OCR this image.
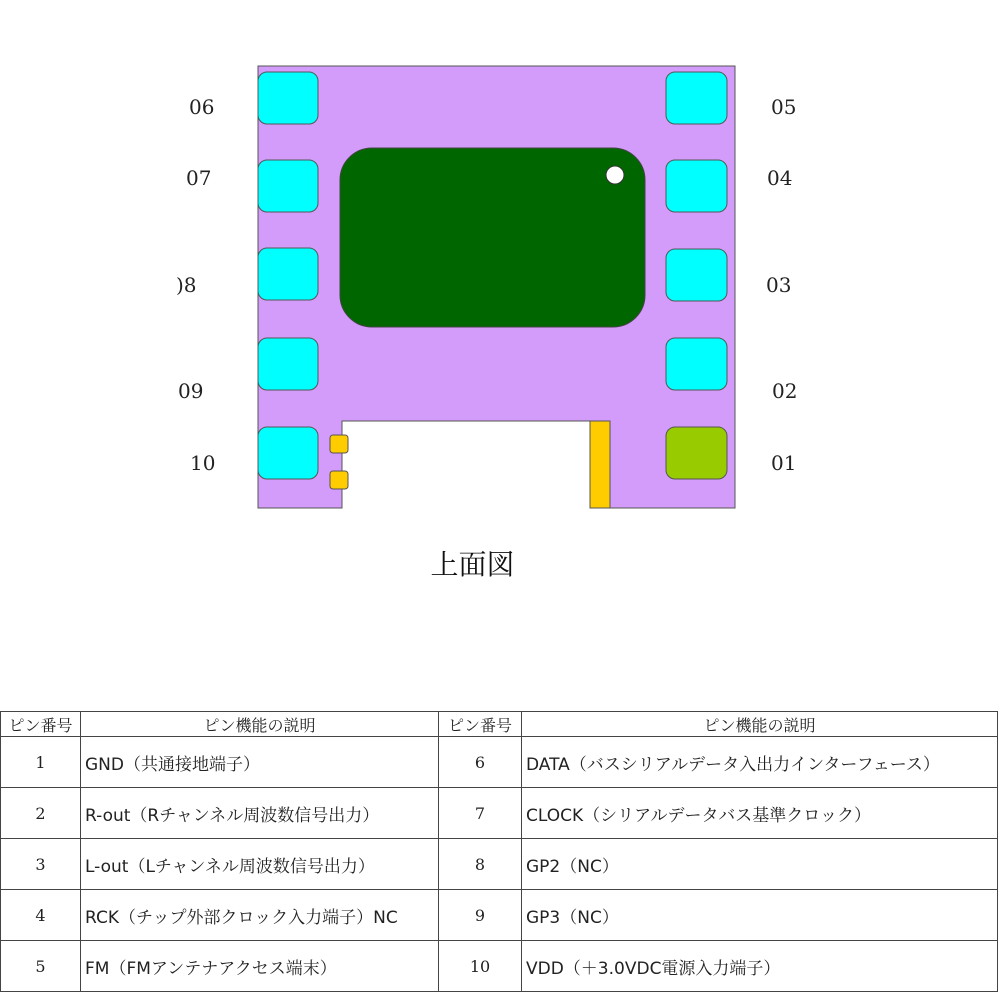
06
07
)8
09
10
05
04
03
02
01
上面図
ピン番号	ピン機能の説明	ピン番号	ピン機能の説明
1	GND（共通接地端子）	6	DATA（バスシリアルデータ入出力インターフェース）
2	R-out（Rチャンネル周波数信号出力）	7	CLOCK（シリアルデータバス基準クロック）
3	L-out（Lチャンネル周波数信号出力）	8	GP2（NC）
4	RCK（チップ外部クロック入力端子）NC	9	GP3（NC）
5	FM（FMアンテナアクセス端末）	10	VDD（＋3.0VDC電源入力端子）
